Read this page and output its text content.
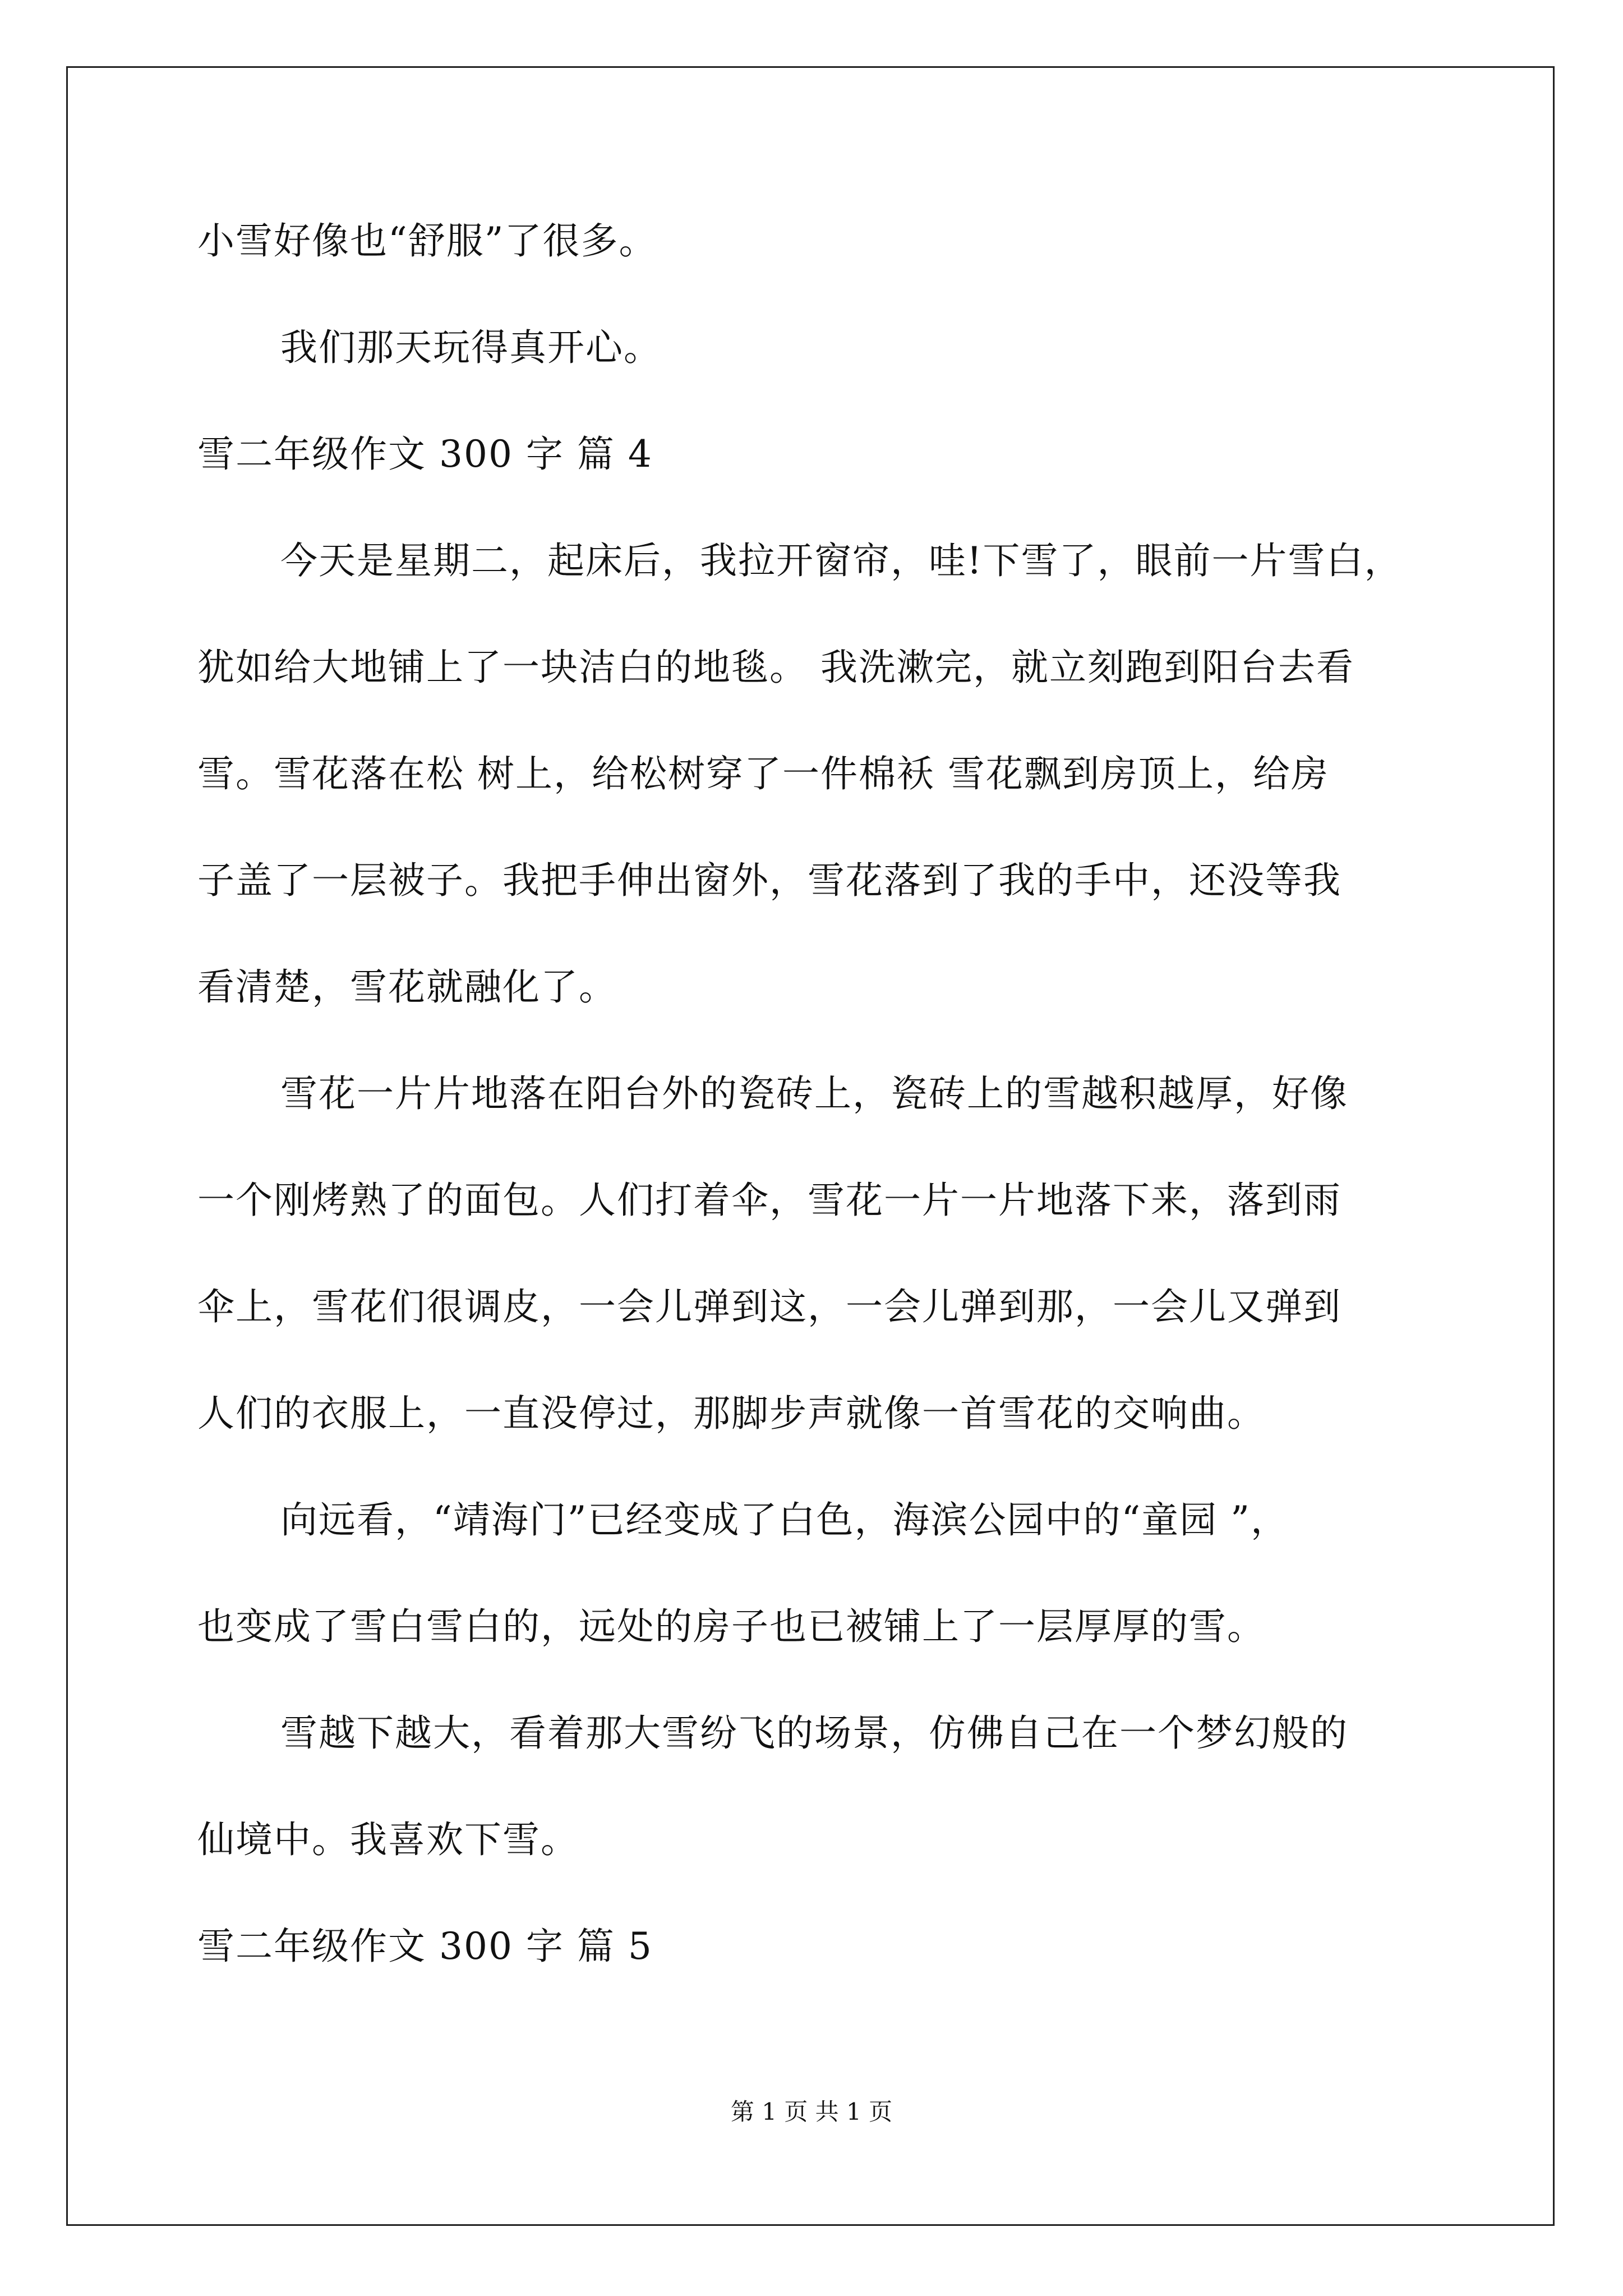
小雪好像也“舒服”了很多。
我们那天玩得真开心。
雪二年级作文 300 字 篇 4
今天是星期二，起床后，我拉开窗帘，哇!下雪了，眼前一片雪白，
犹如给大地铺上了一块洁白的地毯。 我洗漱完，就立刻跑到阳台去看
雪。雪花落在松 树上，给松树穿了一件棉袄 雪花飘到房顶上，给房
子盖了一层被子。我把手伸出窗外，雪花落到了我的手中，还没等我
看清楚，雪花就融化了。
雪花一片片地落在阳台外的瓷砖上，瓷砖上的雪越积越厚，好像
一个刚烤熟了的面包。人们打着伞，雪花一片一片地落下来，落到雨
伞上，雪花们很调皮，一会儿弹到这，一会儿弹到那，一会儿又弹到
人们的衣服上，一直没停过，那脚步声就像一首雪花的交响曲。
向远看，“靖海门”已经变成了白色，海滨公园中的“童园 ”，
也变成了雪白雪白的，远处的房子也已被铺上了一层厚厚的雪。
雪越下越大，看着那大雪纷飞的场景，仿佛自己在一个梦幻般的
仙境中。我喜欢下雪。
雪二年级作文 300 字 篇 5
第 1 页 共 1 页
